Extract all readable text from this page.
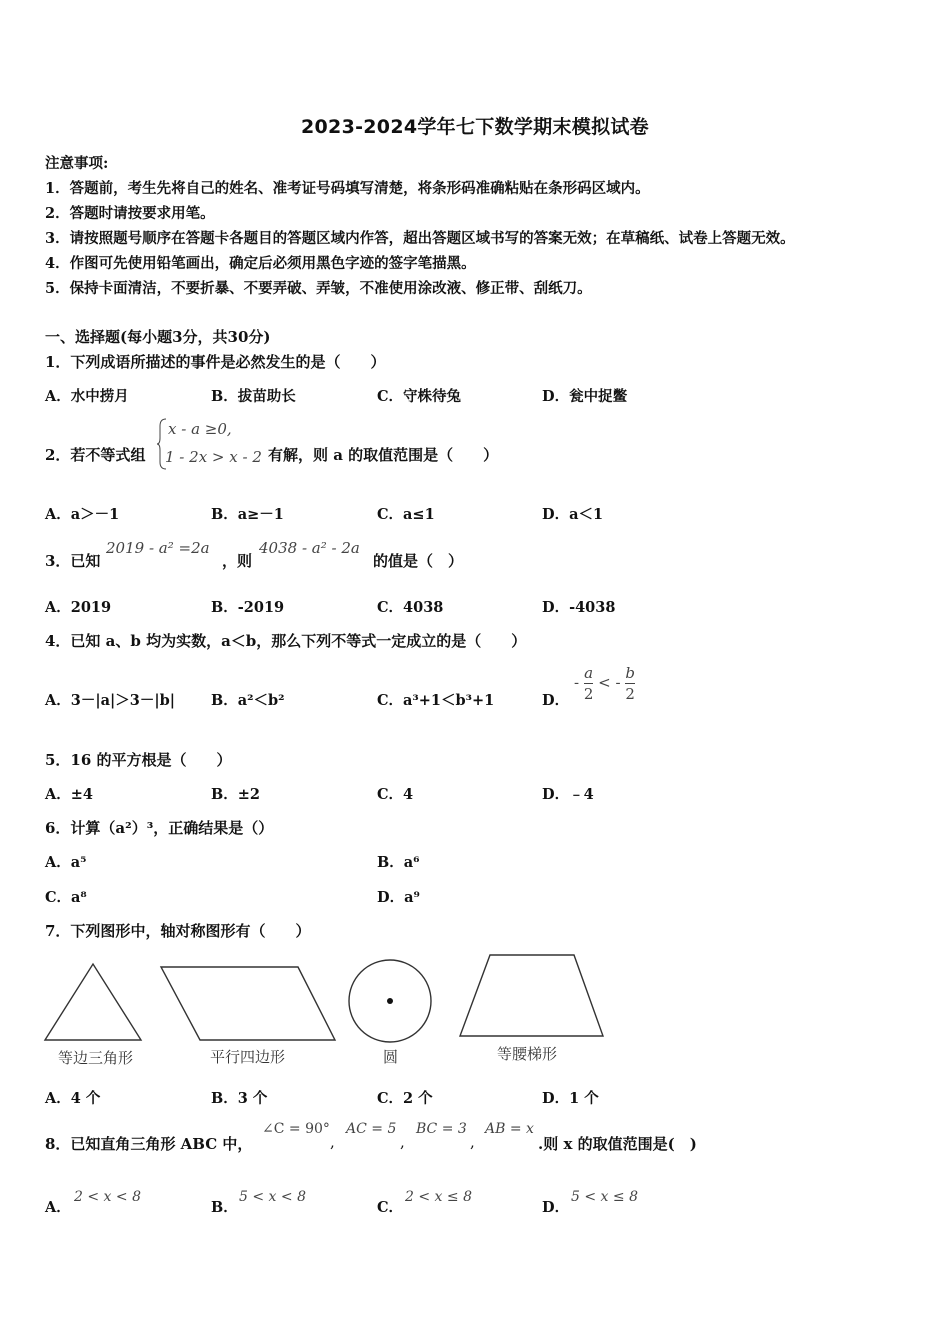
2023-2024学年七下数学期末模拟试卷
注意事项:
1．答题前，考生先将自己的姓名、准考证号码填写清楚，将条形码准确粘贴在条形码区域内。
2．答题时请按要求用笔。
3．请按照题号顺序在答题卡各题目的答题区域内作答，超出答题区域书写的答案无效；在草稿纸、试卷上答题无效。
4．作图可先使用铅笔画出，确定后必须用黑色字迹的签字笔描黑。
5．保持卡面清洁，不要折暴、不要弄破、弄皱，不准使用涂改液、修正带、刮纸刀。
一、选择题(每小题3分，共30分)
1．下列成语所描述的事件是必然发生的是（　　）
A．水中捞月	B．拔苗助长	C．守株待兔	D．瓮中捉鳖
2．若不等式组
x - a ≥0,
1 - 2x > x - 2 有解，则 a 的取值范围是（　　）
A．a＞－1	B．a≥－1	C．a≤1	D．a＜1
3．已知
2019 - a² =2a
，则
4038 - a² - 2a
的值是（　）
A．2019	B．-2019	C．4038	D．-4038
4．已知 a、b 均为实数，a＜b，那么下列不等式一定成立的是（　　）
A．3－|a|＞3－|b| B．a²＜b²	C．a³+1＜b³+1	D．
- $\frac{a}{2}$ < - $\frac{b}{2}$
5．16 的平方根是（　　）
A．±4	B．±2	C．4	D．﹣4
6．计算（a²）³，正确结果是（）
A．a⁵	B．a⁶
C．a⁸	D．a⁹
7．下列图形中，轴对称图形有（　　）
等边三角形	平行四边形	圆	等腰梯形
A．4 个	B．3 个	C．2 个	D．1 个
8．已知直角三角形 ABC 中，
∠C = 90°
,
AC = 5
,
BC = 3
,
AB = x
.则 x 的取值范围是(　)
A．
2 < x < 8
B．
5 < x < 8
C．
2 < x ≤ 8
D．
5 < x ≤ 8
